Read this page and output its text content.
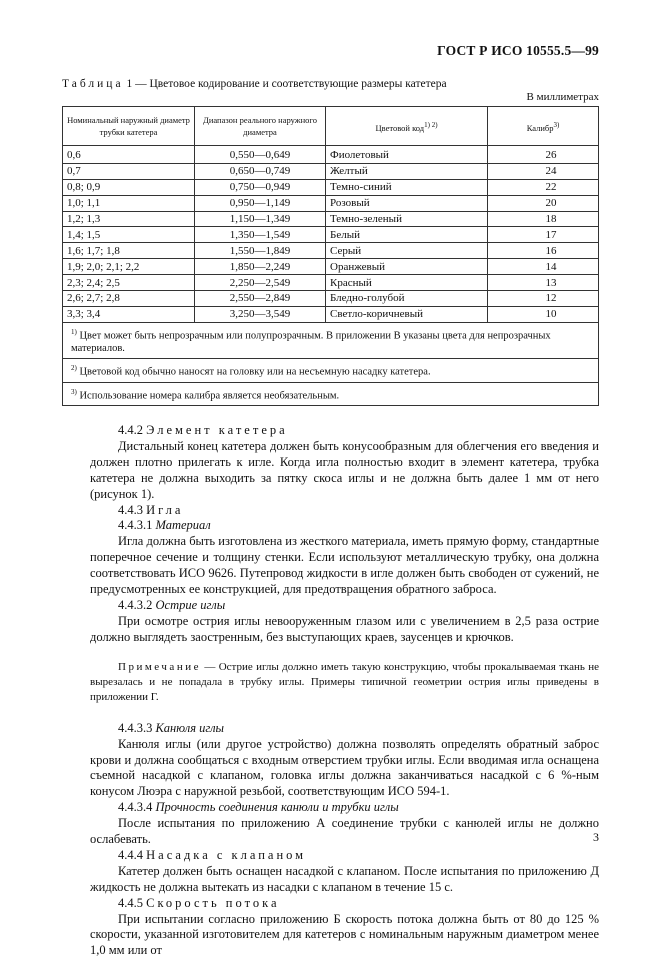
ГОСТ Р ИСО 10555.5—99
Таблица 1 — Цветовое кодирование и соответствующие размеры катетера
В миллиметрах
Номинальный наружный диаметр трубки катетера	Диапазон реального наружного диаметра	Цветовой код$^{1) 2)}$	Калибр$^{3)}$
0,6	0,550—0,649	Фиолетовый	26
0,7	0,650—0,749	Желтый	24
0,8; 0,9	0,750—0,949	Темно-синий	22
1,0; 1,1	0,950—1,149	Розовый	20
1,2; 1,3	1,150—1,349	Темно-зеленый	18
1,4; 1,5	1,350—1,549	Белый	17
1,6; 1,7; 1,8	1,550—1,849	Серый	16
1,9; 2,0; 2,1; 2,2	1,850—2,249	Оранжевый	14
2,3; 2,4; 2,5	2,250—2,549	Красный	13
2,6; 2,7; 2,8	2,550—2,849	Бледно-голубой	12
3,3; 3,4	3,250—3,549	Светло-коричневый	10
$^{1)}$ Цвет может быть непрозрачным или полупрозрачным. В приложении В указаны цвета для непрозрачных материалов.			
$^{2)}$ Цветовой код обычно наносят на головку или на несъемную насадку катетера.			
$^{3)}$ Использование номера калибра является необязательным.			

4.4.2 Элемент катетера

Дистальный конец катетера должен быть конусообразным для облегчения его введения и должен плотно прилегать к игле. Когда игла полностью входит в элемент катетера, трубка катетера не должна выходить за пятку скоса иглы и не должна быть далее 1 мм от него (рисунок 1).

4.4.3 Игла

4.4.3.1 Материал

Игла должна быть изготовлена из жесткого материала, иметь прямую форму, стандартные поперечное сечение и толщину стенки. Если используют металлическую трубку, она должна соответствовать ИСО 9626. Путепровод жидкости в игле должен быть свободен от сужений, не предусмотренных ее конструкцией, для предотвращения обратного заброса.

4.4.3.2 Острие иглы

При осмотре острия иглы невооруженным глазом или с увеличением в 2,5 раза острие должно выглядеть заостренным, без выступающих краев, заусенцев и крючков.

Примечание — Острие иглы должно иметь такую конструкцию, чтобы прокалываемая ткань не вырезалась и не попадала в трубку иглы. Примеры типичной геометрии острия иглы приведены в приложении Г.

4.4.3.3 Канюля иглы

Канюля иглы (или другое устройство) должна позволять определять обратный заброс крови и должна сообщаться с входным отверстием трубки иглы. Если вводимая игла оснащена съемной насадкой с клапаном, головка иглы должна заканчиваться насадкой с 6 %-ным конусом Люэра с наружной резьбой, соответствующим ИСО 594-1.

4.4.3.4 Прочность соединения канюли и трубки иглы

После испытания по приложению А соединение трубки с канюлей иглы не должно ослабевать.

4.4.4 Насадка с клапаном

Катетер должен быть оснащен насадкой с клапаном. После испытания по приложению Д жидкость не должна вытекать из насадки с клапаном в течение 15 с.

4.4.5 Скорость потока

При испытании согласно приложению Б скорость потока должна быть от 80 до 125 % скорости, указанной изготовителем для катетеров с номинальным наружным диаметром менее 1,0 мм или от

3
